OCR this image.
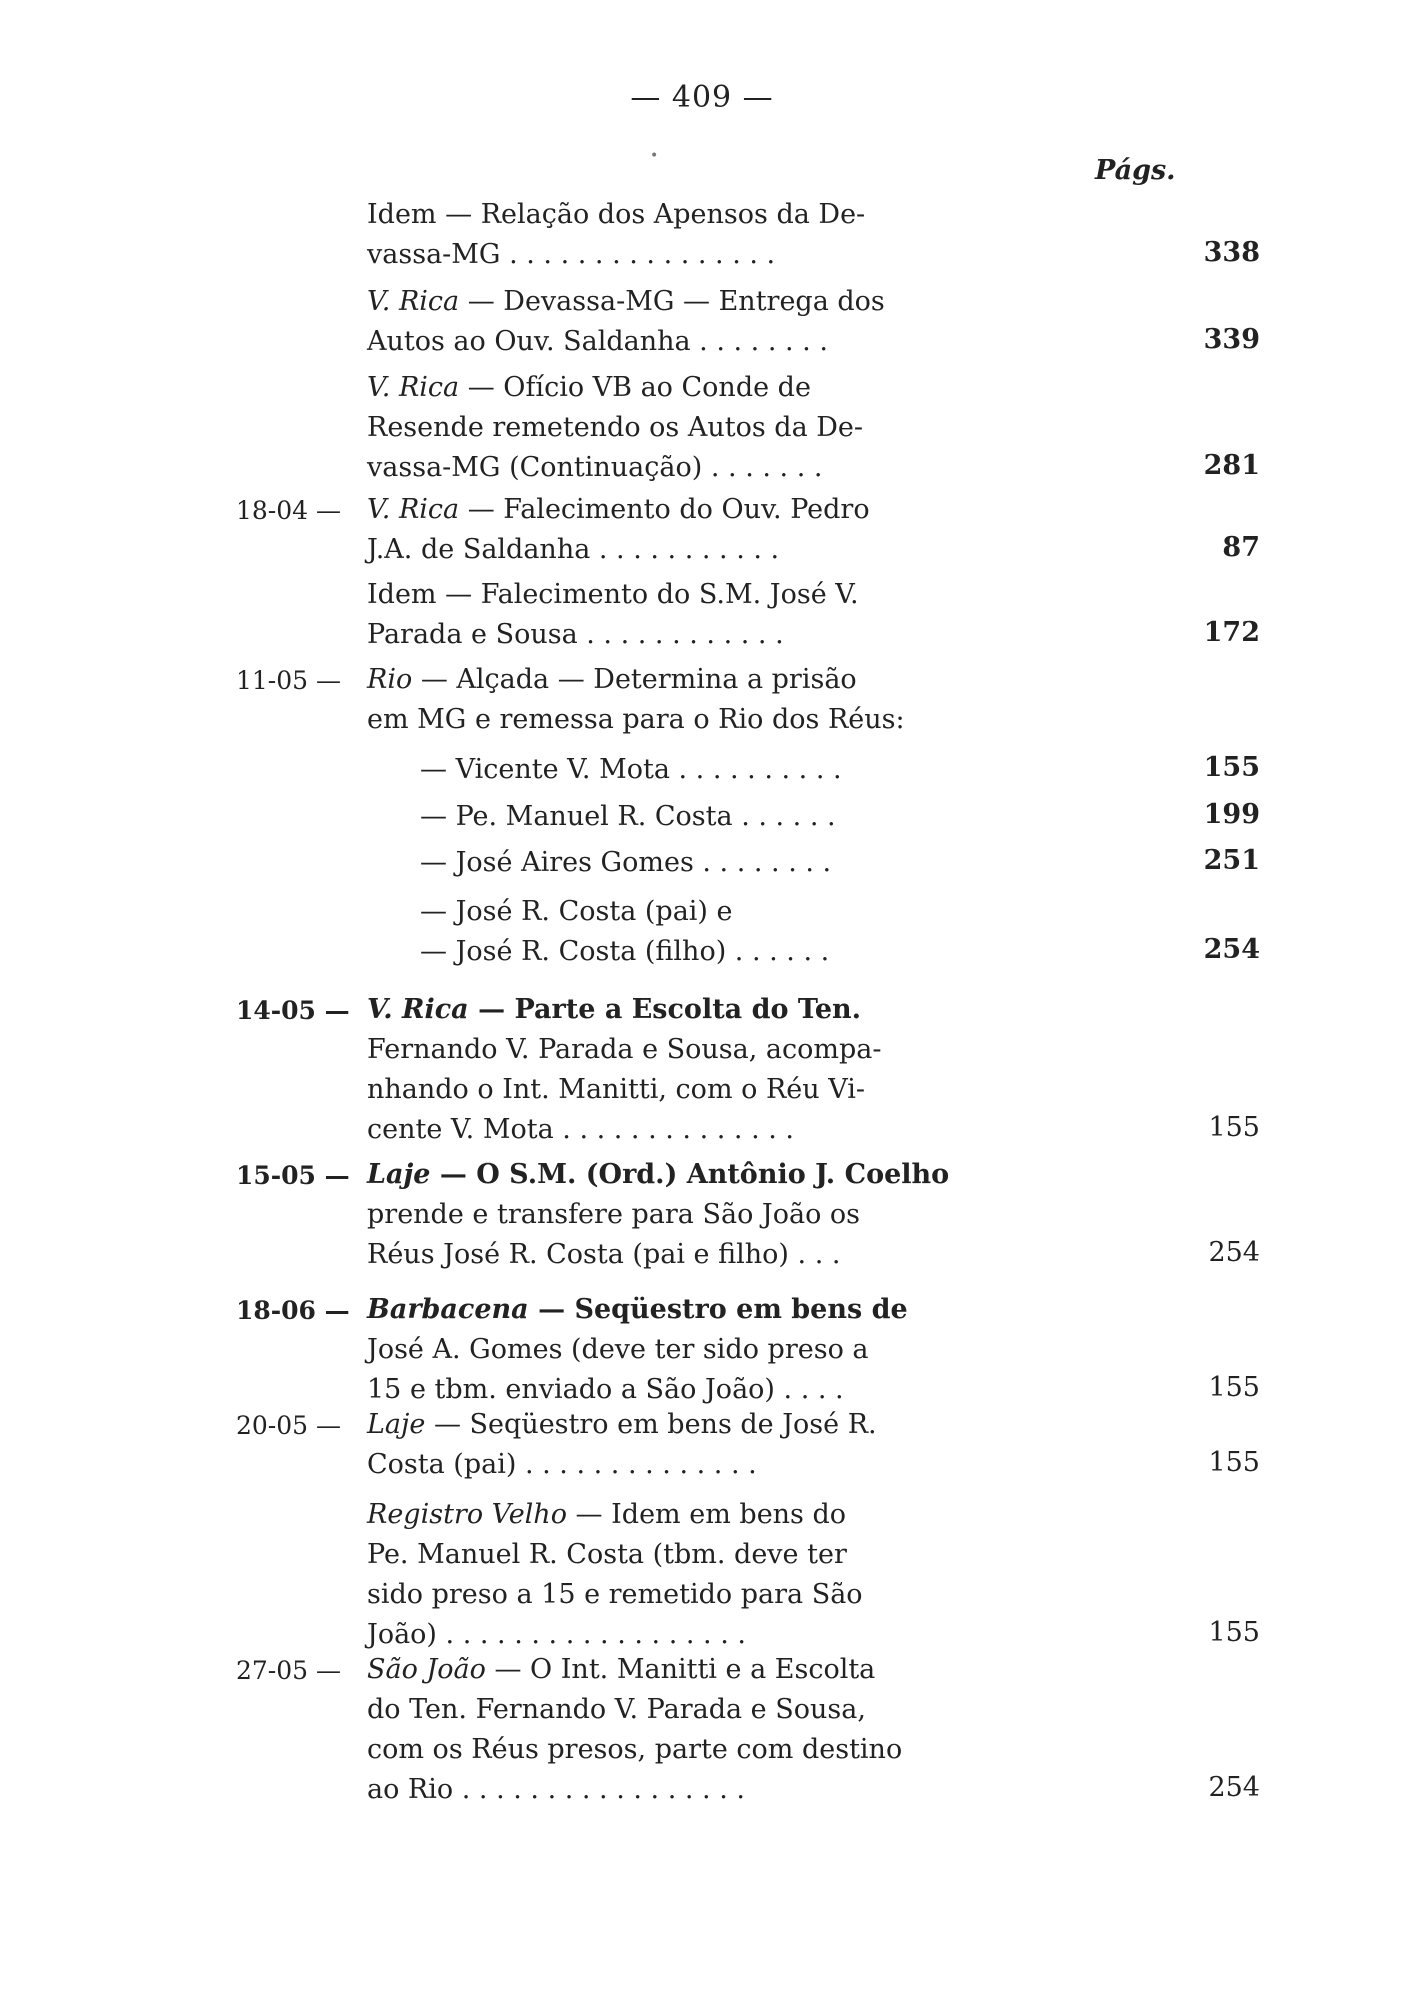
— 409 —
•	Págs.
Idem — Relação dos Apensos da De-
vassa-MG . . . . . . . . . . . . . . . .	338
V. Rica — Devassa-MG — Entrega dos
Autos ao Ouv. Saldanha . . . . . . . .	339
V. Rica — Ofício VB ao Conde de
Resende remetendo os Autos da De-
vassa-MG (Continuação) . . . . . . .	281
18-04 — V. Rica — Falecimento do Ouv. Pedro
J.A. de Saldanha . . . . . . . . . . .	87
Idem — Falecimento do S.M. José V.
Parada e Sousa . . . . . . . . . . . .	172
11-05 — Rio — Alçada — Determina a prisão
em MG e remessa para o Rio dos Réus:
— Vicente V. Mota . . . . . . . . . .	155
— Pe. Manuel R. Costa . . . . . .	199
— José Aires Gomes . . . . . . . .	251
— José R. Costa (pai) e
— José R. Costa (filho) . . . . . .	254
14-05 — V. Rica — Parte a Escolta do Ten.
Fernando V. Parada e Sousa, acompa-
nhando o Int. Manitti, com o Réu Vi-
cente V. Mota . . . . . . . . . . . . . .	155
15-05 — Laje — O S.M. (Ord.) Antônio J. Coelho
prende e transfere para São João os
Réus José R. Costa (pai e filho) . . .	254
18-06 — Barbacena — Seqüestro em bens de
José A. Gomes (deve ter sido preso a
15 e tbm. enviado a São João) . . . .	155
20-05 — Laje — Seqüestro em bens de José R.
Costa (pai) . . . . . . . . . . . . . .	155
Registro Velho — Idem em bens do
Pe. Manuel R. Costa (tbm. deve ter
sido preso a 15 e remetido para São
João) . . . . . . . . . . . . . . . . . .	155
27-05 — São João — O Int. Manitti e a Escolta
do Ten. Fernando V. Parada e Sousa,
com os Réus presos, parte com destino
ao Rio . . . . . . . . . . . . . . . . .	254
